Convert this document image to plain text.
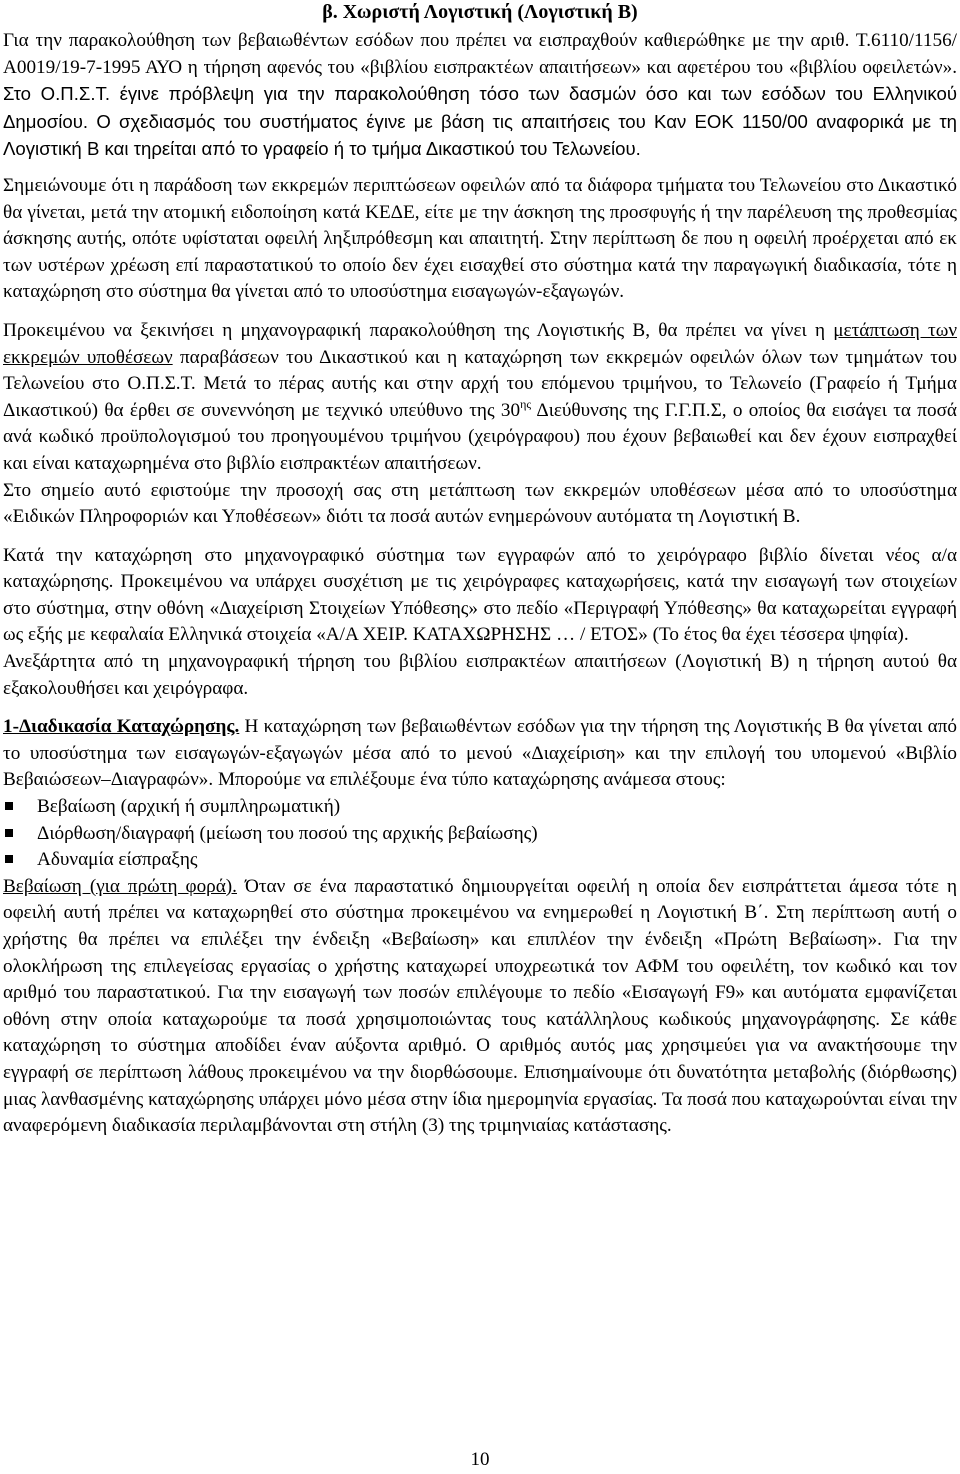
β. Χωριστή Λογιστική (Λογιστική Β)

Για την παρακολούθηση των βεβαιωθέντων εσόδων που πρέπει να εισπραχθούν καθιερώθηκε με την αριθ. Τ.6110/1156/Α0019/19-7-1995 ΑΥΟ η τήρηση αφενός του «βιβλίου εισπρακτέων απαιτήσεων» και αφετέρου του «βιβλίου οφειλετών». Στο Ο.Π.Σ.Τ. έγινε πρόβλεψη για την παρακολούθηση τόσο των δασμών όσο και των εσόδων του Ελληνικού Δημοσίου. Ο σχεδιασμός του συστήματος έγινε με βάση τις απαιτήσεις του Καν ΕΟΚ 1150/00 αναφορικά με τη Λογιστική Β και τηρείται από το γραφείο ή το τμήμα Δικαστικού του Τελωνείου.

Σημειώνουμε ότι η παράδοση των εκκρεμών περιπτώσεων οφειλών από τα διάφορα τμήματα του Τελωνείου στο Δικαστικό θα γίνεται, μετά την ατομική ειδοποίηση κατά ΚΕΔΕ, είτε με την άσκηση της προσφυγής ή την παρέλευση της προθεσμίας άσκησης αυτής, οπότε υφίσταται οφειλή ληξιπρόθεσμη και απαιτητή. Στην περίπτωση δε που η οφειλή προέρχεται από εκ των υστέρων χρέωση επί παραστατικού το οποίο δεν έχει εισαχθεί στο σύστημα κατά την παραγωγική διαδικασία, τότε η καταχώρηση στο σύστημα θα γίνεται από το υποσύστημα εισαγωγών-εξαγωγών.

Προκειμένου να ξεκινήσει η μηχανογραφική παρακολούθηση της Λογιστικής Β, θα πρέπει να γίνει η μετάπτωση των εκκρεμών υποθέσεων παραβάσεων του Δικαστικού και η καταχώρηση των εκκρεμών οφειλών όλων των τμημάτων του Τελωνείου στο Ο.Π.Σ.Τ. Μετά το πέρας αυτής και στην αρχή του επόμενου τριμήνου, το Τελωνείο (Γραφείο ή Τμήμα Δικαστικού) θα έρθει σε συνεννόηση με τεχνικό υπεύθυνο της $30^{\eta\varsigma}$ Διεύθυνσης της Γ.Γ.Π.Σ, ο οποίος θα εισάγει τα ποσά ανά κωδικό προϋπολογισμού του προηγουμένου τριμήνου (χειρόγραφου) που έχουν βεβαιωθεί και δεν έχουν εισπραχθεί και είναι καταχωρημένα στο βιβλίο εισπρακτέων απαιτήσεων.

Στο σημείο αυτό εφιστούμε την προσοχή σας στη μετάπτωση των εκκρεμών υποθέσεων μέσα από το υποσύστημα «Ειδικών Πληροφοριών και Υποθέσεων» διότι τα ποσά αυτών ενημερώνουν αυτόματα τη Λογιστική Β.

Κατά την καταχώρηση στο μηχανογραφικό σύστημα των εγγραφών από το χειρόγραφο βιβλίο δίνεται νέος α/α καταχώρησης. Προκειμένου να υπάρχει συσχέτιση με τις χειρόγραφες καταχωρήσεις, κατά την εισαγωγή των στοιχείων στο σύστημα, στην οθόνη «Διαχείριση Στοιχείων Υπόθεσης» στο πεδίο «Περιγραφή Υπόθεσης» θα καταχωρείται εγγραφή ως εξής με κεφαλαία Ελληνικά στοιχεία «Α/Α ΧΕΙΡ. ΚΑΤΑΧΩΡΗΣΗΣ … / ΕΤΟΣ» (Το έτος θα έχει τέσσερα ψηφία).

Ανεξάρτητα από τη μηχανογραφική τήρηση του βιβλίου εισπρακτέων απαιτήσεων (Λογιστική Β) η τήρηση αυτού θα εξακολουθήσει και χειρόγραφα.

1-Διαδικασία Καταχώρησης. Η καταχώρηση των βεβαιωθέντων εσόδων για την τήρηση της Λογιστικής Β θα γίνεται από το υποσύστημα των εισαγωγών-εξαγωγών μέσα από το μενού «Διαχείριση» και την επιλογή του υπομενού «Βιβλίο Βεβαιώσεων–Διαγραφών». Μπορούμε να επιλέξουμε ένα τύπο καταχώρησης ανάμεσα στους:

Βεβαίωση (αρχική ή συμπληρωματική)
Διόρθωση/διαγραφή (μείωση του ποσού της αρχικής βεβαίωσης)
Αδυναμία είσπραξης

Βεβαίωση (για πρώτη φορά). Όταν σε ένα παραστατικό δημιουργείται οφειλή η οποία δεν εισπράττεται άμεσα τότε η οφειλή αυτή πρέπει να καταχωρηθεί στο σύστημα προκειμένου να ενημερωθεί η Λογιστική Β΄. Στη περίπτωση αυτή ο χρήστης θα πρέπει να επιλέξει την ένδειξη «Βεβαίωση» και επιπλέον την ένδειξη «Πρώτη Βεβαίωση». Για την ολοκλήρωση της επιλεγείσας εργασίας ο χρήστης καταχωρεί υποχρεωτικά τον ΑΦΜ του οφειλέτη, τον κωδικό και τον αριθμό του παραστατικού. Για την εισαγωγή των ποσών επιλέγουμε το πεδίο «Εισαγωγή F9» και αυτόματα εμφανίζεται οθόνη στην οποία καταχωρούμε τα ποσά χρησιμοποιώντας τους κατάλληλους κωδικούς μηχανογράφησης. Σε κάθε καταχώρηση το σύστημα αποδίδει έναν αύξοντα αριθμό. Ο αριθμός αυτός μας χρησιμεύει για να ανακτήσουμε την εγγραφή σε περίπτωση λάθους προκειμένου να την διορθώσουμε. Επισημαίνουμε ότι δυνατότητα μεταβολής (διόρθωσης) μιας λανθασμένης καταχώρησης υπάρχει μόνο μέσα στην ίδια ημερομηνία εργασίας. Τα ποσά που καταχωρούνται είναι την αναφερόμενη διαδικασία περιλαμβάνονται στη στήλη (3) της τριμηνιαίας κατάστασης.

10
